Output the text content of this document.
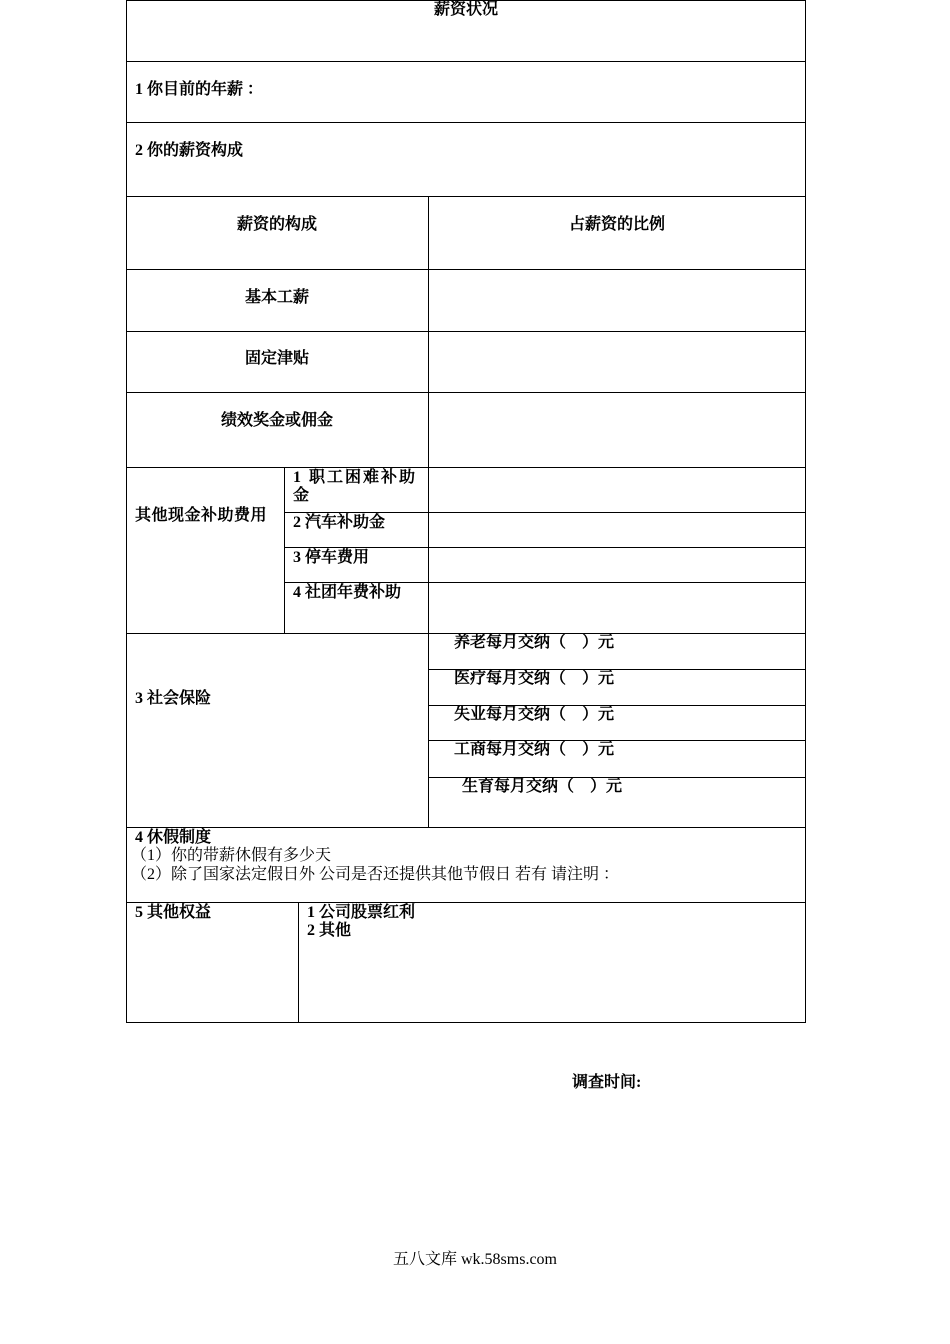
薪资状况
1 你目前的年薪 ：
2 你的薪资构成
薪资的构成	占薪资的比例
基本工薪
固定津贴
绩效奖金或佣金
其他现金补助费用
1 职工困难补助金
2 汽车补助金
3 停车费用
4 社团年费补助
3 社会保险
养老每月交纳（    ）元
医疗每月交纳（    ）元
失业每月交纳（    ）元
工商每月交纳（    ）元
生育每月交纳（    ）元
4 休假制度
（1）你的带薪休假有多少天
（2）除了国家法定假日外 公司是否还提供其他节假日 若有 请注明 ：
5 其他权益	1 公司股票红利
2 其他
调查时间:
五八文库 wk.58sms.com
